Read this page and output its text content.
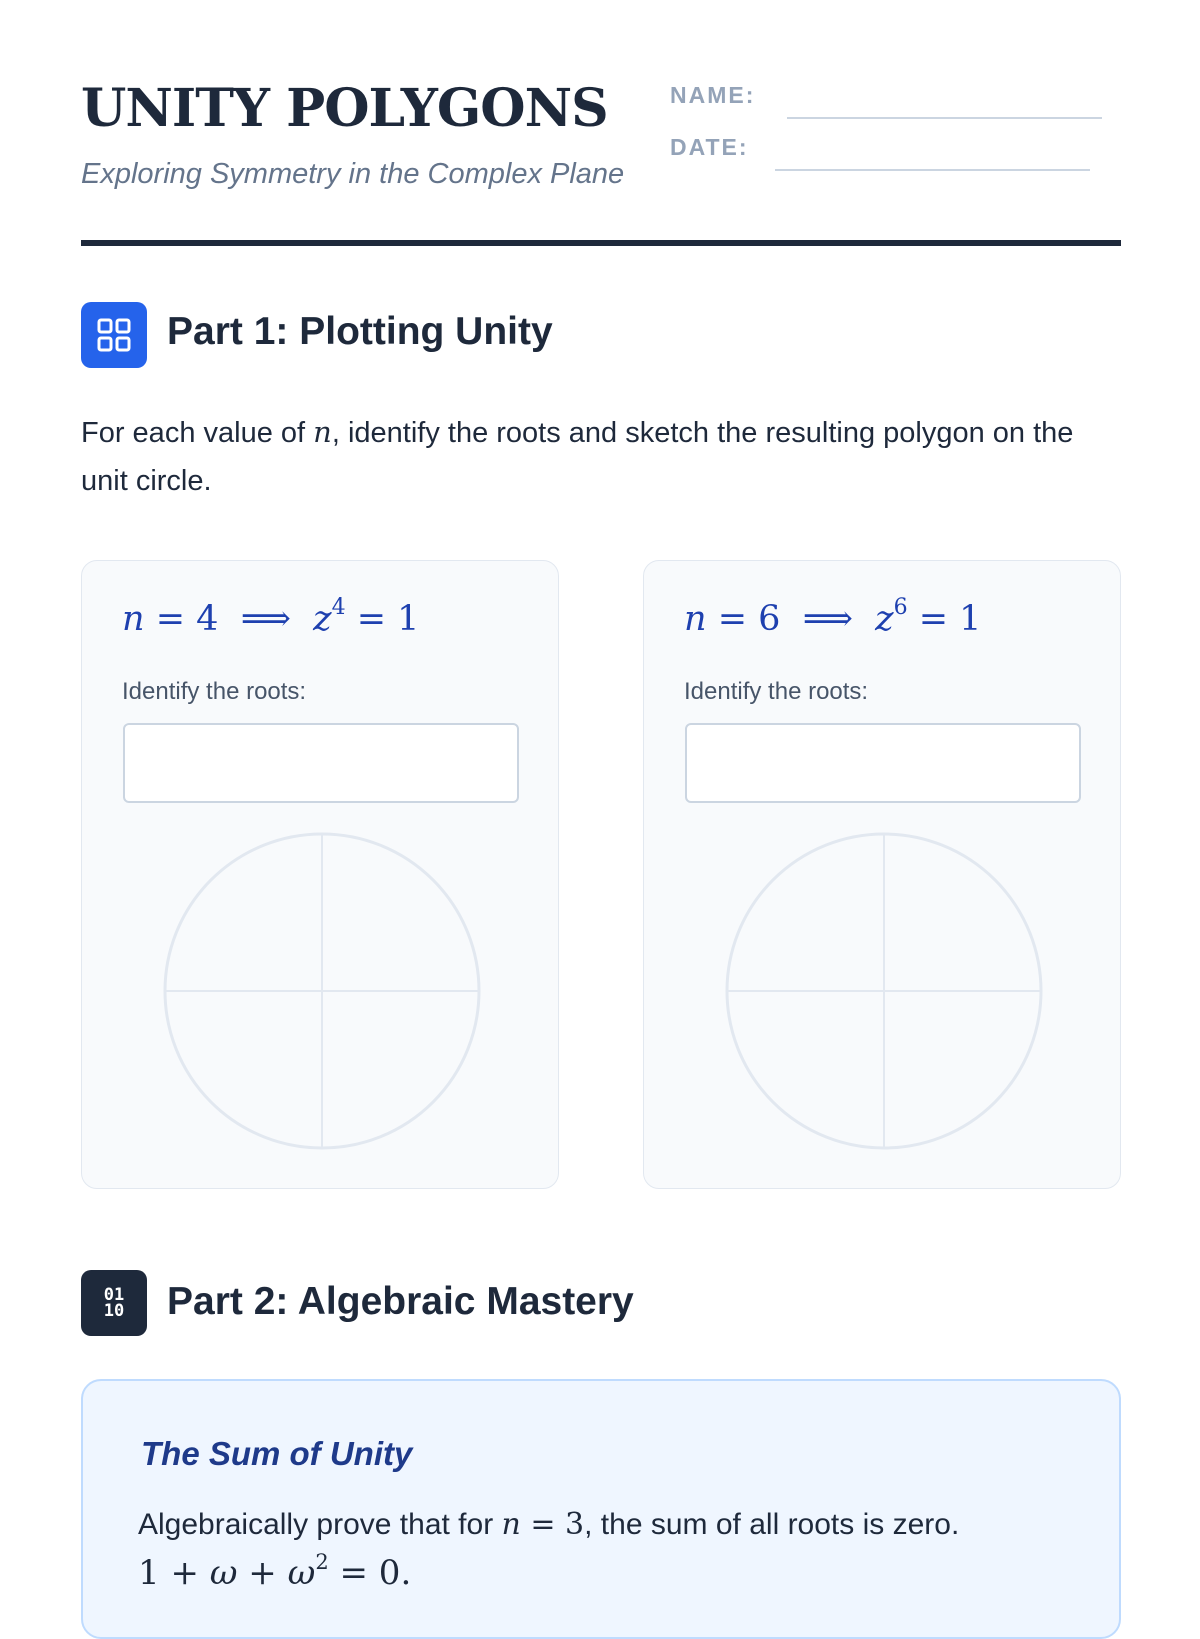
UNITY POLYGONS
Exploring Symmetry in the Complex Plane
NAME:
DATE:
Part 1: Plotting Unity
For each value of n, identify the roots and sketch the resulting polygon on the unit circle.
n = 4 ⟹ $z^4 = 1$
Identify the roots:
n = 6 ⟹ $z^6 = 1$
Identify the roots:
01
10 Part 2: Algebraic Mastery
The Sum of Unity
Algebraically prove that for n = 3, the sum of all roots is zero.
$1 + \omega + \omega^2 = 0$.
